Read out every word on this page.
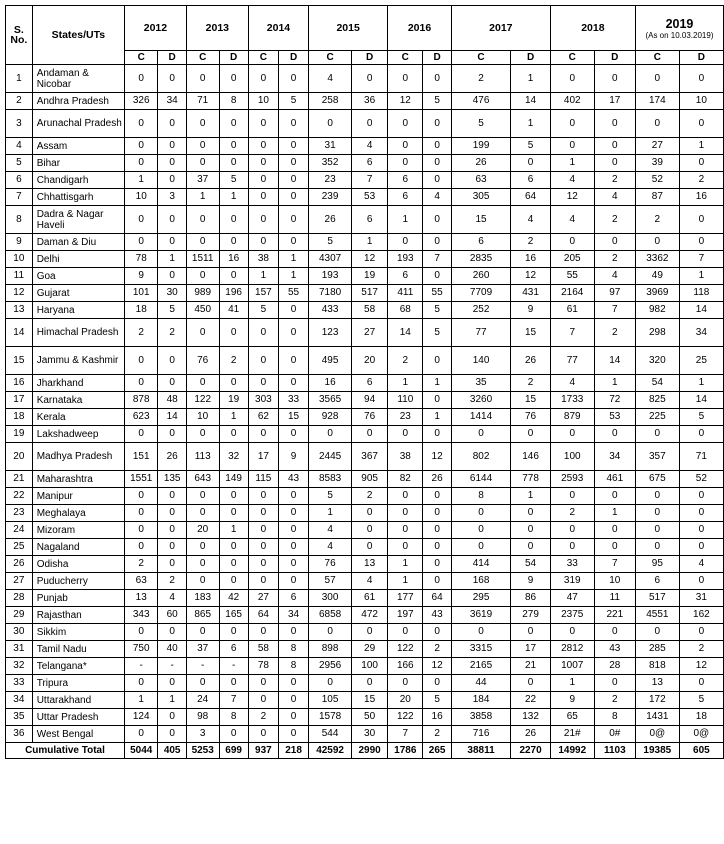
S. No.	States/UTs	2012		2013		2014		2015		2016		2017		2018		2019
(As on 10.03.2019)	

		C	D	C	D	C	D	C	D	C	D	C	D	C	D	C	D
1	Andaman & Nicobar	0	0	0	0	0	0	4	0	0	0	2	1	0	0	0	0
2	Andhra Pradesh	326	34	71	8	10	5	258	36	12	5	476	14	402	17	174	10
3	Arunachal Pradesh	0	0	0	0	0	0	0	0	0	0	5	1	0	0	0	0
4	Assam	0	0	0	0	0	0	31	4	0	0	199	5	0	0	27	1
5	Bihar	0	0	0	0	0	0	352	6	0	0	26	0	1	0	39	0
6	Chandigarh	1	0	37	5	0	0	23	7	6	0	63	6	4	2	52	2
7	Chhattisgarh	10	3	1	1	0	0	239	53	6	4	305	64	12	4	87	16
8	Dadra & Nagar Haveli	0	0	0	0	0	0	26	6	1	0	15	4	4	2	2	0
9	Daman & Diu	0	0	0	0	0	0	5	1	0	0	6	2	0	0	0	0
10	Delhi	78	1	1511	16	38	1	4307	12	193	7	2835	16	205	2	3362	7
11	Goa	9	0	0	0	1	1	193	19	6	0	260	12	55	4	49	1
12	Gujarat	101	30	989	196	157	55	7180	517	411	55	7709	431	2164	97	3969	118
13	Haryana	18	5	450	41	5	0	433	58	68	5	252	9	61	7	982	14
14	Himachal Pradesh	2	2	0	0	0	0	123	27	14	5	77	15	7	2	298	34
15	Jammu & Kashmir	0	0	76	2	0	0	495	20	2	0	140	26	77	14	320	25
16	Jharkhand	0	0	0	0	0	0	16	6	1	1	35	2	4	1	54	1
17	Karnataka	878	48	122	19	303	33	3565	94	110	0	3260	15	1733	72	825	14
18	Kerala	623	14	10	1	62	15	928	76	23	1	1414	76	879	53	225	5
19	Lakshadweep	0	0	0	0	0	0	0	0	0	0	0	0	0	0	0	0
20	Madhya Pradesh	151	26	113	32	17	9	2445	367	38	12	802	146	100	34	357	71
21	Maharashtra	1551	135	643	149	115	43	8583	905	82	26	6144	778	2593	461	675	52
22	Manipur	0	0	0	0	0	0	5	2	0	0	8	1	0	0	0	0
23	Meghalaya	0	0	0	0	0	0	1	0	0	0	0	0	2	1	0	0
24	Mizoram	0	0	20	1	0	0	4	0	0	0	0	0	0	0	0	0
25	Nagaland	0	0	0	0	0	0	4	0	0	0	0	0	0	0	0	0
26	Odisha	2	0	0	0	0	0	76	13	1	0	414	54	33	7	95	4
27	Puducherry	63	2	0	0	0	0	57	4	1	0	168	9	319	10	6	0
28	Punjab	13	4	183	42	27	6	300	61	177	64	295	86	47	11	517	31
29	Rajasthan	343	60	865	165	64	34	6858	472	197	43	3619	279	2375	221	4551	162
30	Sikkim	0	0	0	0	0	0	0	0	0	0	0	0	0	0	0	0
31	Tamil Nadu	750	40	37	6	58	8	898	29	122	2	3315	17	2812	43	285	2
32	Telangana*	-	-	-	-	78	8	2956	100	166	12	2165	21	1007	28	818	12
33	Tripura	0	0	0	0	0	0	0	0	0	0	44	0	1	0	13	0
34	Uttarakhand	1	1	24	7	0	0	105	15	20	5	184	22	9	2	172	5
35	Uttar Pradesh	124	0	98	8	2	0	1578	50	122	16	3858	132	65	8	1431	18
36	West Bengal	0	0	3	0	0	0	544	30	7	2	716	26	21#	0#	0@	0@
Cumulative Total		5044	405	5253	699	937	218	42592	2990	1786	265	38811	2270	14992	1103	19385	605
